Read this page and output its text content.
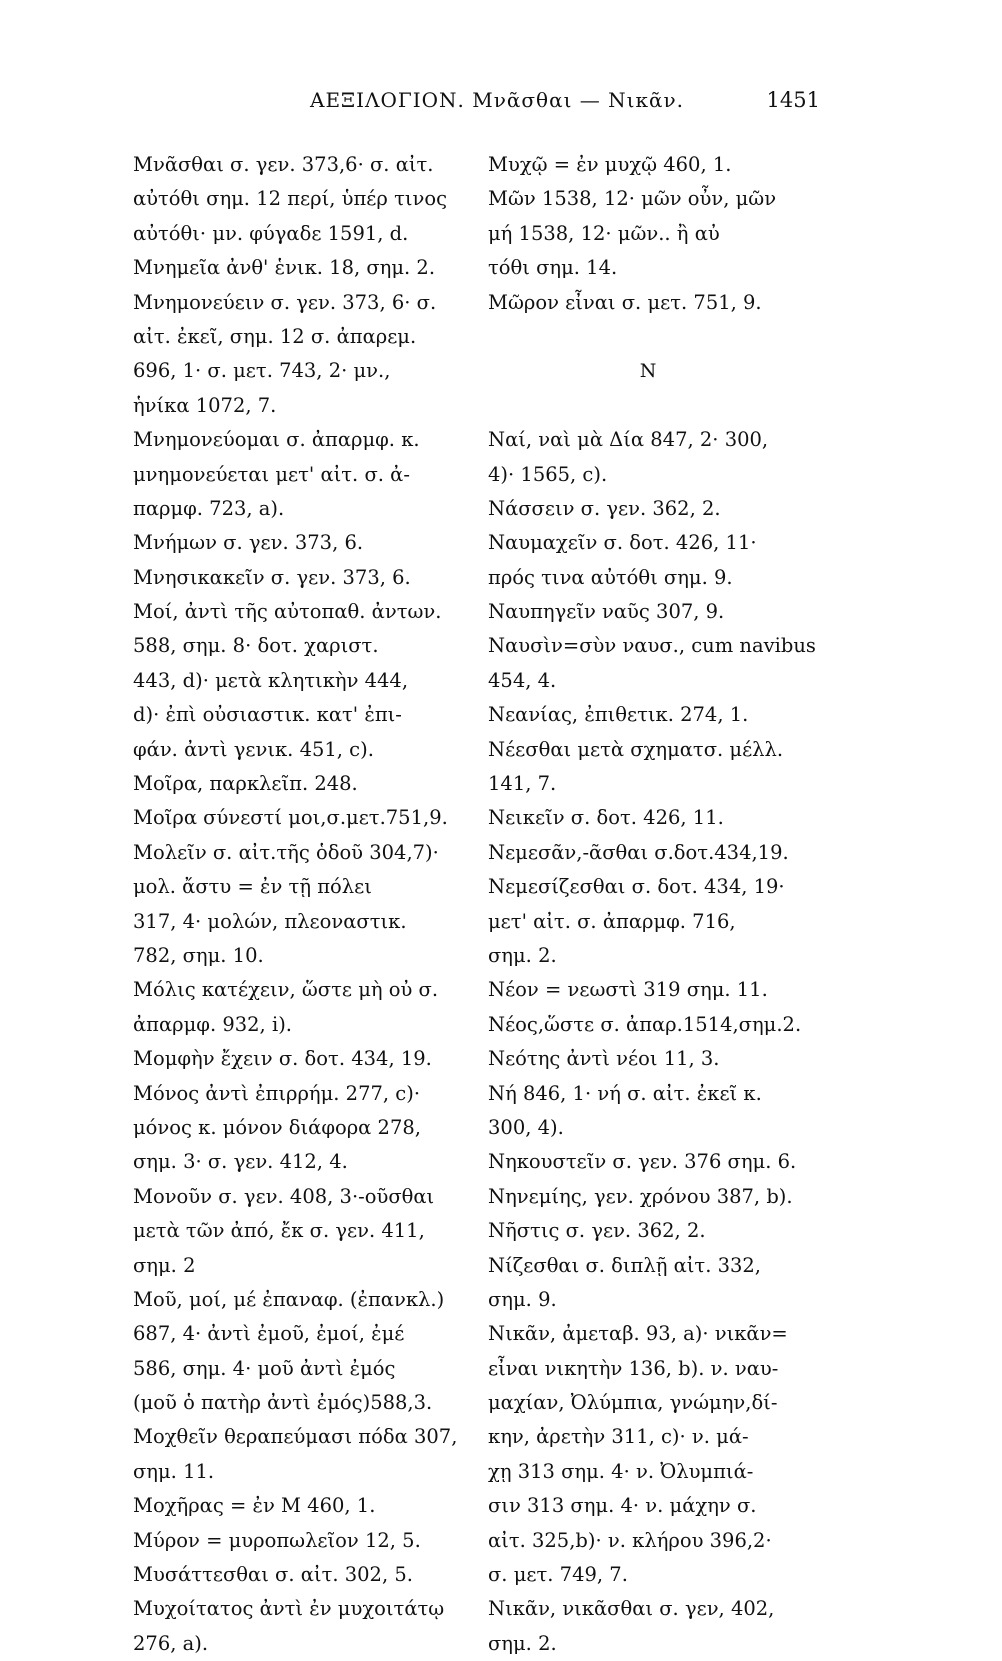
ΑΕΞΙΛΟΓΙΟΝ. Μνᾶσθαι — Νικᾶν.	1451
Μνᾶσθαι σ. γεν. 373,6· σ. αἰτ.
αὐτόθι σημ. 12 περί, ὑπέρ τινος
αὐτόθι· μν. φύγαδε 1591, d.
Μνημεῖα ἀνθ' ἑνικ. 18, σημ. 2.
Μνημονεύειν σ. γεν. 373, 6· σ.
αἰτ. ἐκεῖ, σημ. 12 σ. ἀπαρεμ.
696, 1· σ. μετ. 743, 2· μν.,
ἡνίκα 1072, 7.
Μνημονεύομαι σ. ἀπαρμφ. κ.
μνημονεύεται μετ' αἰτ. σ. ἀ-
παρμφ. 723, a).
Μνήμων σ. γεν. 373, 6.
Μνησικακεῖν σ. γεν. 373, 6.
Μοί, ἀντὶ τῆς αὐτοπαθ. ἀντων.
588, σημ. 8· δοτ. χαριστ.
443, d)· μετὰ κλητικὴν 444,
d)· ἐπὶ οὐσιαστικ. κατ' ἐπι-
φάν. ἀντὶ γενικ. 451, c).
Μοῖρα, παρκλεῖπ. 248.
Μοῖρα σύνεστί μοι,σ.μετ.751,9.
Μολεῖν σ. αἰτ.τῆς ὁδοῦ 304,7)·
μολ. ἄστυ = ἐν τῇ πόλει
317, 4· μολών, πλεοναστικ.
782, σημ. 10.
Μόλις κατέχειν, ὥστε μὴ οὐ σ.
ἀπαρμφ. 932, i).
Μομφὴν ἔχειν σ. δοτ. 434, 19.
Μόνος ἀντὶ ἐπιρρήμ. 277, c)·
μόνος κ. μόνον διάφορα 278,
σημ. 3· σ. γεν. 412, 4.
Μονοῦν σ. γεν. 408, 3·-οῦσθαι
μετὰ τῶν ἀπό, ἔκ σ. γεν. 411,
σημ. 2
Μοῦ, μοί, μέ ἐπαναφ. (ἐπανκλ.)
687, 4· ἀντὶ ἐμοῦ, ἐμοί, ἐμέ
586, σημ. 4· μοῦ ἀντὶ ἐμός
(μοῦ ὁ πατὴρ ἀντὶ ἐμός)588,3.
Μοχθεῖν θεραπεύμασι πόδα 307,
σημ. 11.
Μοχῆρας = ἐν Μ 460, 1.
Μύρον = μυροπωλεῖον 12, 5.
Μυσάττεσθαι σ. αἰτ. 302, 5.
Μυχοίτατος ἀντὶ ἐν μυχοιτάτῳ
276, a).
Μυχῷ = ἐν μυχῷ 460, 1.
Μῶν 1538, 12· μῶν οὖν, μῶν
μή 1538, 12· μῶν.. ἢ αὐ
τόθι σημ. 14.
Μῶρον εἶναι σ. μετ. 751, 9.
Ν
Ναί, ναὶ μὰ Δία 847, 2· 300,
4)· 1565, c).
Νάσσειν σ. γεν. 362, 2.
Ναυμαχεῖν σ. δοτ. 426, 11·
πρός τινα αὐτόθι σημ. 9.
Ναυπηγεῖν ναῦς 307, 9.
Ναυσὶν=σὺν ναυσ., cum navibus
454, 4.
Νεανίας, ἐπιθετικ. 274, 1.
Νέεσθαι μετὰ σχηματσ. μέλλ.
141, 7.
Νεικεῖν σ. δοτ. 426, 11.
Νεμεσᾶν,-ᾶσθαι σ.δοτ.434,19.
Νεμεσίζεσθαι σ. δοτ. 434, 19·
μετ' αἰτ. σ. ἀπαρμφ. 716,
σημ. 2.
Νέον = νεωστὶ 319 σημ. 11.
Νέος,ὥστε σ. ἀπαρ.1514,σημ.2.
Νεότης ἀντὶ νέοι 11, 3.
Νή 846, 1· νή σ. αἰτ. ἐκεῖ κ.
300, 4).
Νηκουστεῖν σ. γεν. 376 σημ. 6.
Νηνεμίης, γεν. χρόνου 387, b).
Νῆστις σ. γεν. 362, 2.
Νίζεσθαι σ. διπλῇ αἰτ. 332,
σημ. 9.
Νικᾶν, ἀμεταβ. 93, a)· νικᾶν=
εἶναι νικητὴν 136, b). ν. ναυ-
μαχίαν, Ὀλύμπια, γνώμην,δί-
κην, ἀρετὴν 311, c)· ν. μά-
χῃ 313 σημ. 4· ν. Ὀλυμπιά-
σιν 313 σημ. 4· ν. μάχην σ.
αἰτ. 325,b)· ν. κλήρου 396,2·
σ. μετ. 749, 7.
Νικᾶν, νικᾶσθαι σ. γεν, 402,
σημ. 2.
